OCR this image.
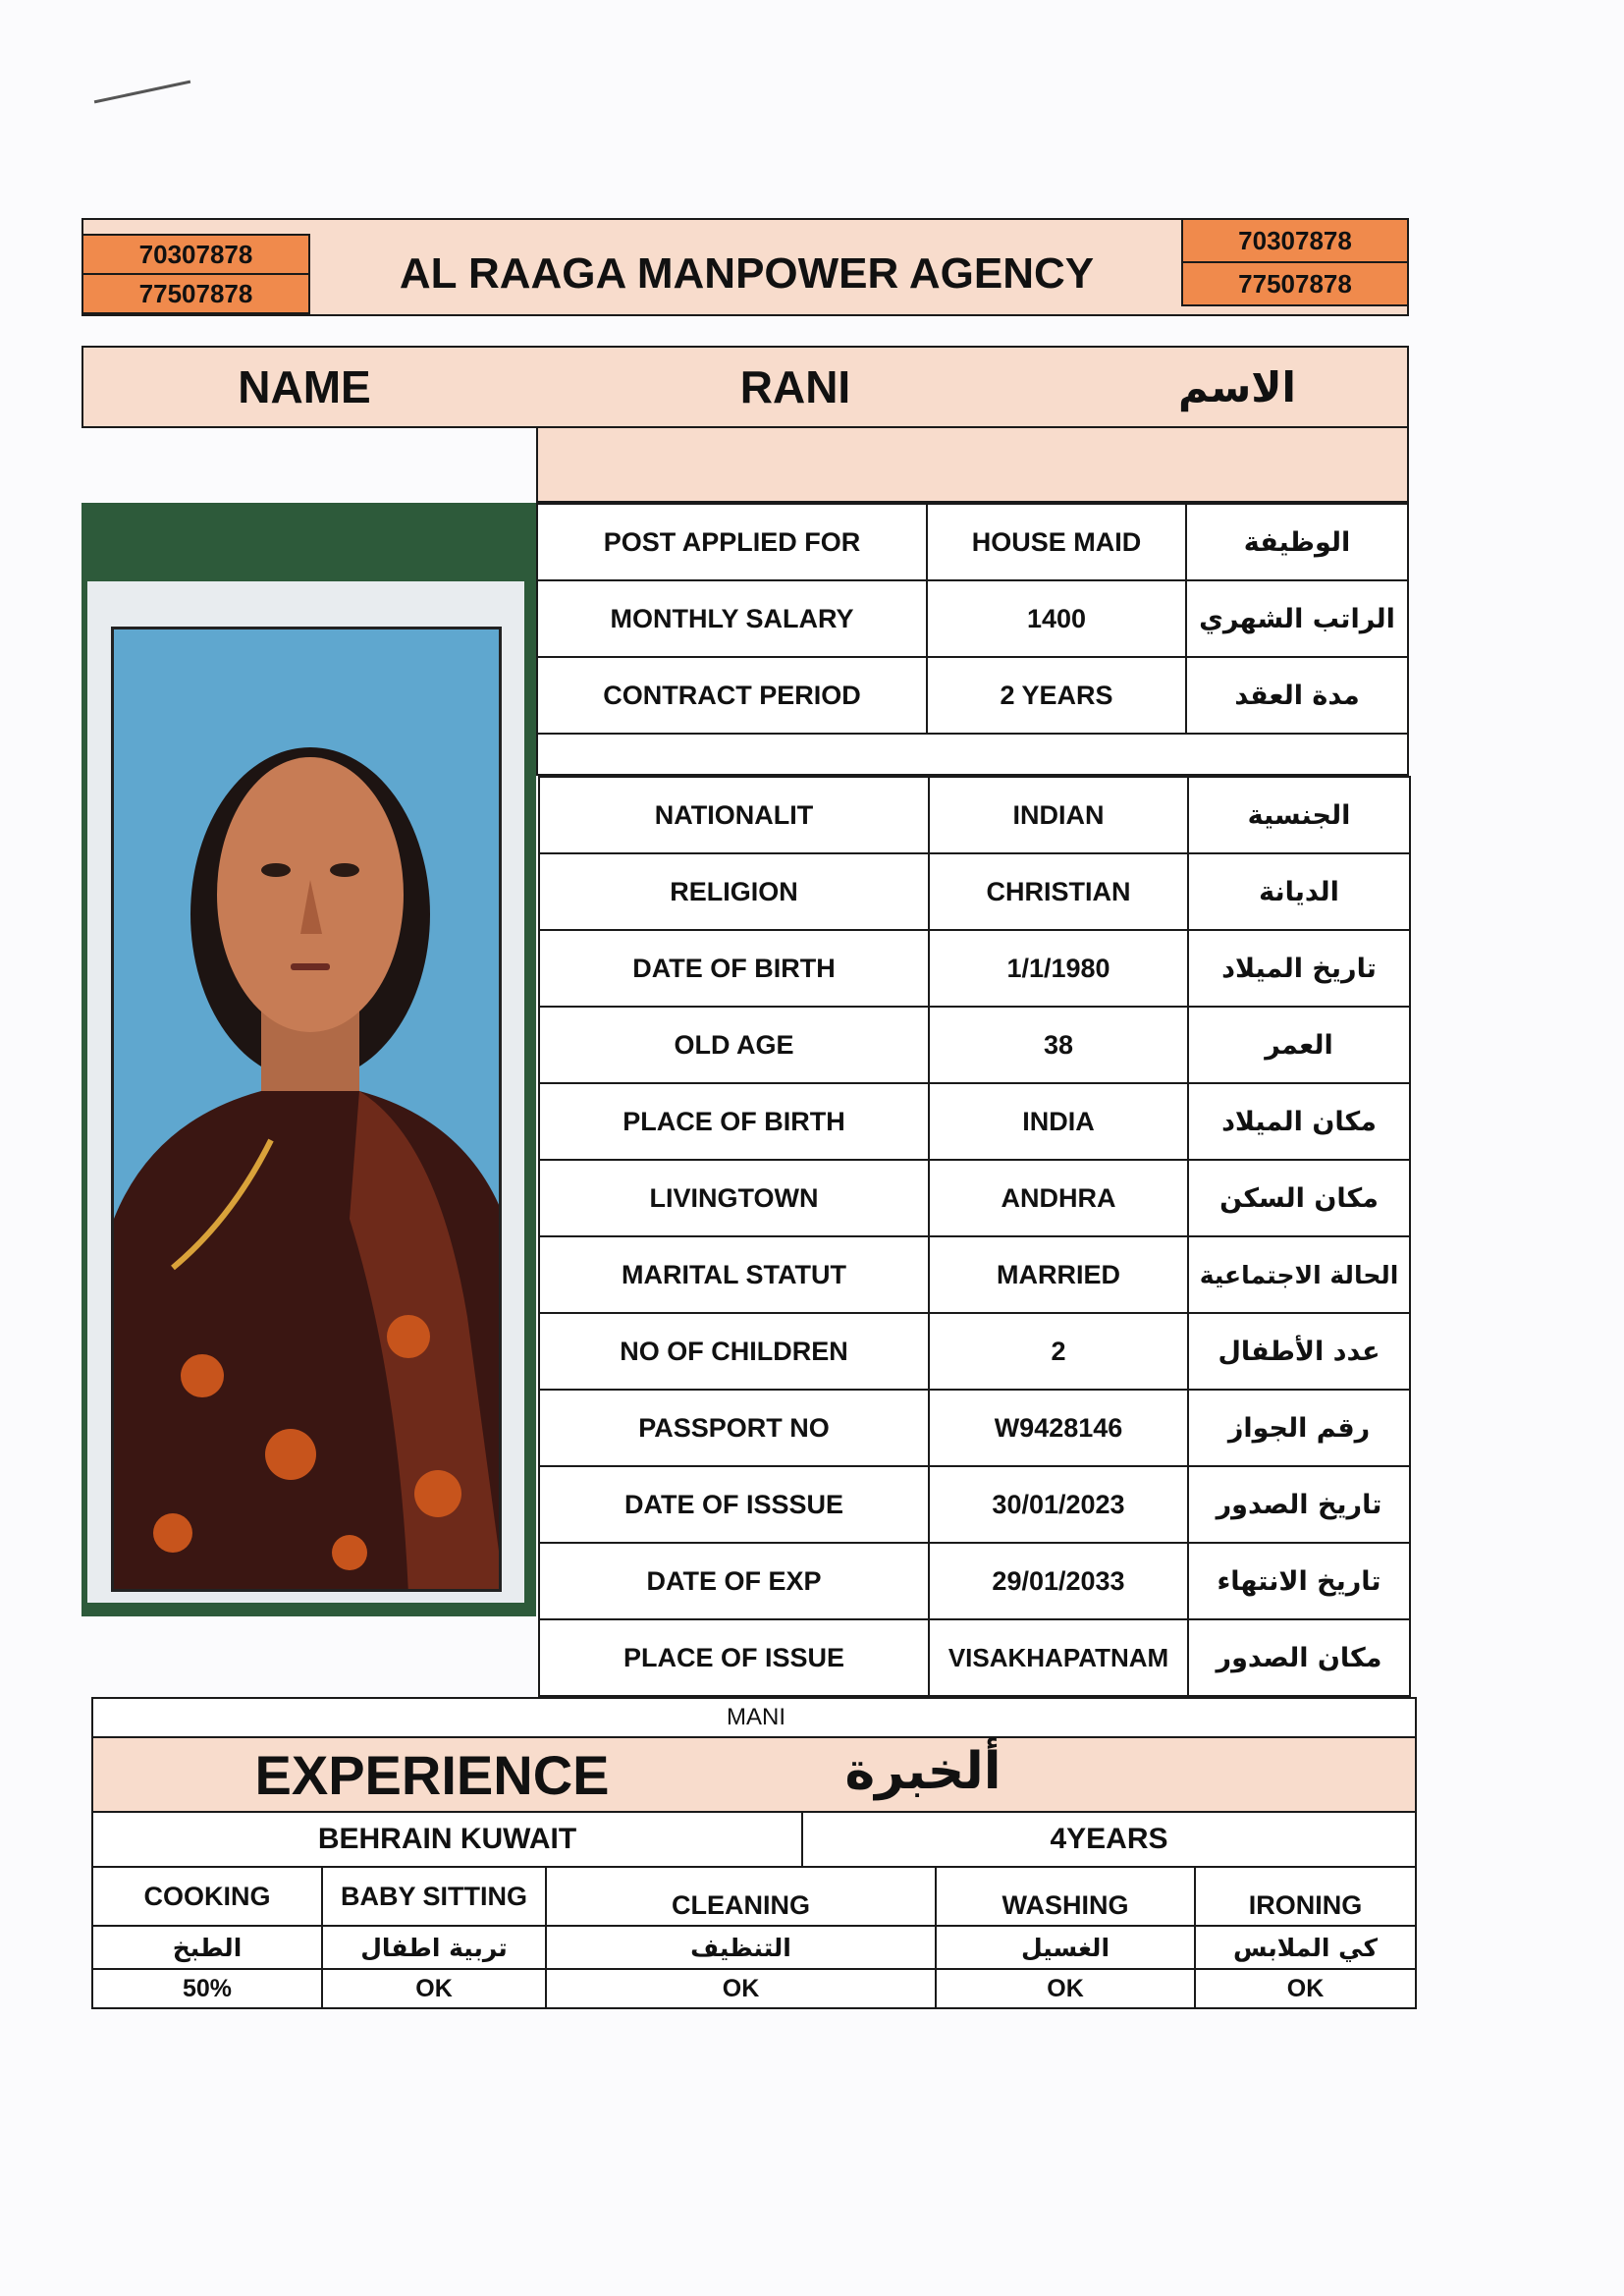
70307878
77507878	AL RAAGA MANPOWER AGENCY
70307878
77507878
NAME	RANI	الاسم
POST APPLIED FOR	HOUSE MAID	الوظيفة
MONTHLY SALARY	1400	الراتب الشهري
CONTRACT PERIOD	2 YEARS	مدة العقد
NATIONALIT	INDIAN	الجنسية
RELIGION	CHRISTIAN	الديانة
DATE OF BIRTH	1/1/1980	تاريخ الميلاد
OLD AGE	38	العمر
PLACE OF BIRTH	INDIA	مكان الميلاد
LIVINGTOWN	ANDHRA	مكان السكن
MARITAL STATUT	MARRIED	الحالة الاجتماعية
NO OF CHILDREN	2	عدد الأطفال
PASSPORT NO	W9428146	رقم الجواز
DATE OF ISSSUE	30/01/2023	تاريخ الصدور
DATE OF EXP	29/01/2033	تاريخ الانتهاء
PLACE OF ISSUE	VISAKHAPATNAM	مكان الصدور
MANI
EXPERIENCE	ألخبرة
BEHRAIN KUWAIT	4YEARS
COOKING	BABY SITTING	CLEANING	WASHING	IRONING
الطبخ	تربية اطفال	التنظيف	الغسيل	كي الملابس
50%	OK	OK	OK	OK
